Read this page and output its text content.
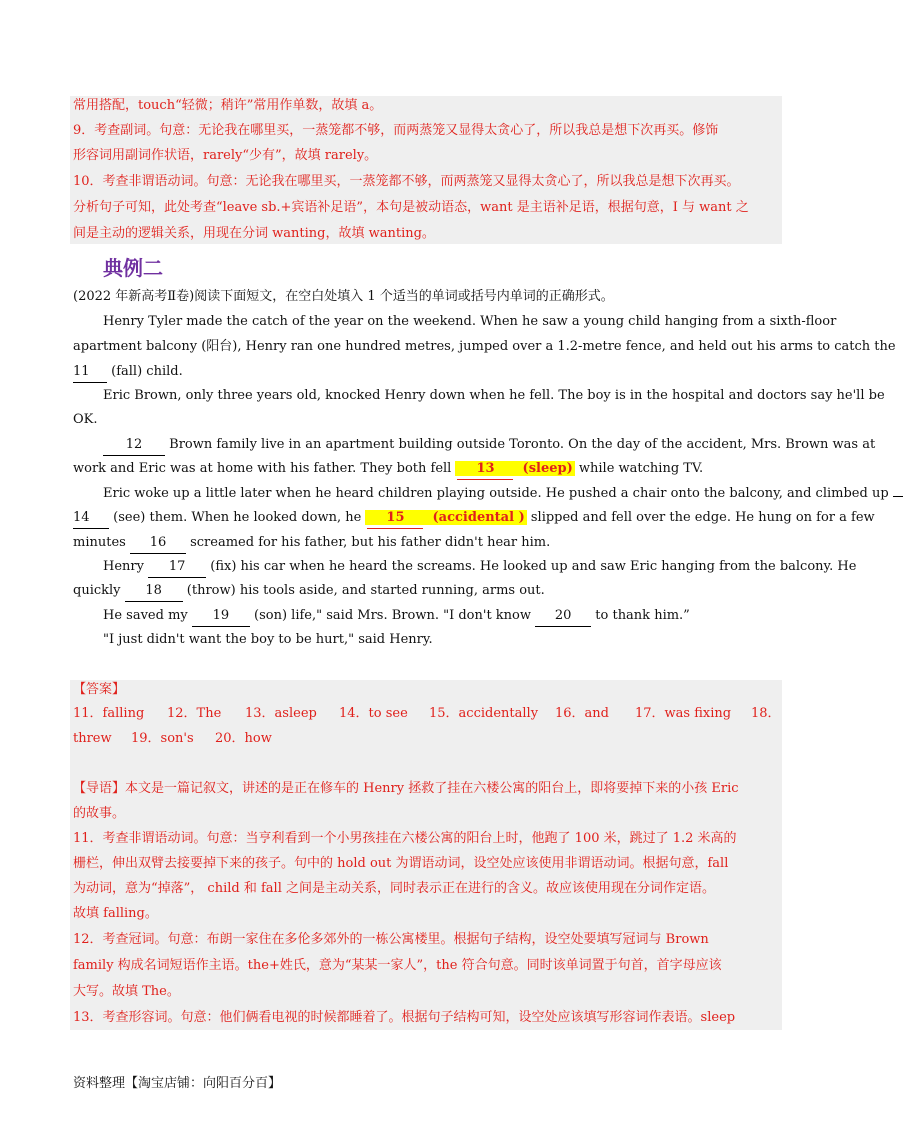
常用搭配，touch“轻微；稍许”常用作单数，故填 a。
9．考查副词。句意：无论我在哪里买，一蒸笼都不够，而两蒸笼又显得太贪心了，所以我总是想下次再买。修饰
形容词用副词作状语，rarely“少有”，故填 rarely。
10．考查非谓语动词。句意：无论我在哪里买，一蒸笼都不够，而两蒸笼又显得太贪心了，所以我总是想下次再买。
分析句子可知，此处考查“leave sb.+宾语补足语”，本句是被动语态，want 是主语补足语，根据句意，I 与 want 之
间是主动的逻辑关系，用现在分词 wanting，故填 wanting。
典例二
(2022 年新高考Ⅱ卷)阅读下面短文，在空白处填入 1 个适当的单词或括号内单词的正确形式。
Henry Tyler made the catch of the year on the weekend. When he saw a young child hanging from a sixth-floor
apartment balcony (阳台), Henry ran one hundred metres, jumped over a 1.2-metre fence, and held out his arms to catch the
11 (fall) child.
Eric Brown, only three years old, knocked Henry down when he fell. The boy is in the hospital and doctors say he'll be
OK.
12 Brown family live in an apartment building outside Toronto. On the day of the accident, Mrs. Brown was at
work and Eric was at home with his father. They both fell 13 (sleep) while watching TV.
Eric woke up a little later when he heard children playing outside. He pushed a chair onto the balcony, and climbed up
14 (see) them. When he looked down, he 15 (accidental ) slipped and fell over the edge. He hung on for a few
minutes 16 screamed for his father, but his father didn't hear him.
Henry 17 (fix) his car when he heard the screams. He looked up and saw Eric hanging from the balcony. He
quickly 18 (throw) his tools aside, and started running, arms out.
He saved my 19 (son) life," said Mrs. Brown. "I don't know 20 to thank him.”
"I just didn't want the boy to be hurt," said Henry.
【答案】
11．falling 12．The 13．asleep 14．to see 15．accidentally 16．and 17．was fixing 18．
threw 19．son's 20．how
【导语】本文是一篇记叙文，讲述的是正在修车的 Henry 拯救了挂在六楼公寓的阳台上，即将要掉下来的小孩 Eric
的故事。
11．考查非谓语动词。句意：当亨利看到一个小男孩挂在六楼公寓的阳台上时，他跑了 100 米，跳过了 1.2 米高的
栅栏，伸出双臂去接要掉下来的孩子。句中的 hold out 为谓语动词，设空处应该使用非谓语动词。根据句意，fall
为动词，意为“掉落”， child 和 fall 之间是主动关系，同时表示正在进行的含义。故应该使用现在分词作定语。
故填 falling。
12．考查冠词。句意：布朗一家住在多伦多郊外的一栋公寓楼里。根据句子结构，设空处要填写冠词与 Brown
family 构成名词短语作主语。the+姓氏，意为“某某一家人”，the 符合句意。同时该单词置于句首，首字母应该
大写。故填 The。
13．考查形容词。句意：他们俩看电视的时候都睡着了。根据句子结构可知，设空处应该填写形容词作表语。sleep
资料整理【淘宝店铺：向阳百分百】
